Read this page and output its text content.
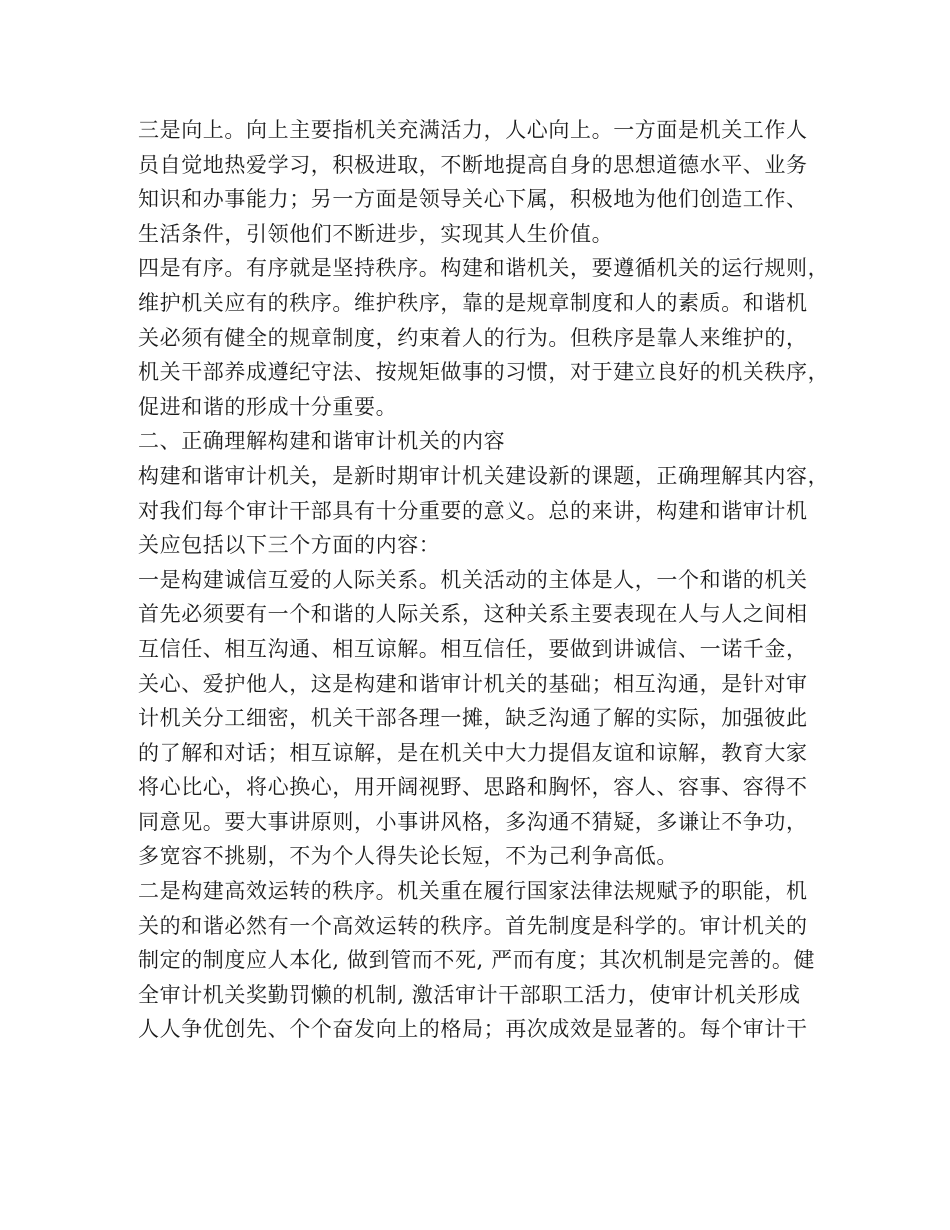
三是向上。向上主要指机关充满活力，人心向上。一方面是机关工作人
员自觉地热爱学习，积极进取，不断地提高自身的思想道德水平、业务
知识和办事能力；另一方面是领导关心下属，积极地为他们创造工作、
生活条件，引领他们不断进步，实现其人生价值。
四是有序。有序就是坚持秩序。构建和谐机关，要遵循机关的运行规则，
维护机关应有的秩序。维护秩序，靠的是规章制度和人的素质。和谐机
关必须有健全的规章制度，约束着人的行为。但秩序是靠人来维护的，
机关干部养成遵纪守法、按规矩做事的习惯，对于建立良好的机关秩序，
促进和谐的形成十分重要。
二、正确理解构建和谐审计机关的内容
构建和谐审计机关，是新时期审计机关建设新的课题，正确理解其内容，
对我们每个审计干部具有十分重要的意义。总的来讲，构建和谐审计机
关应包括以下三个方面的内容：
一是构建诚信互爱的人际关系。机关活动的主体是人，一个和谐的机关
首先必须要有一个和谐的人际关系，这种关系主要表现在人与人之间相
互信任、相互沟通、相互谅解。相互信任，要做到讲诚信、一诺千金，
关心、爱护他人，这是构建和谐审计机关的基础；相互沟通，是针对审
计机关分工细密，机关干部各理一摊，缺乏沟通了解的实际，加强彼此
的了解和对话；相互谅解，是在机关中大力提倡友谊和谅解，教育大家
将心比心，将心换心，用开阔视野、思路和胸怀，容人、容事、容得不
同意见。要大事讲原则，小事讲风格，多沟通不猜疑，多谦让不争功，
多宽容不挑剔，不为个人得失论长短，不为己利争高低。
二是构建高效运转的秩序。机关重在履行国家法律法规赋予的职能，机
关的和谐必然有一个高效运转的秩序。首先制度是科学的。审计机关的
制定的制度应人本化, 做到管而不死, 严而有度；其次机制是完善的。健
全审计机关奖勤罚懒的机制, 激活审计干部职工活力，使审计机关形成
人人争优创先、个个奋发向上的格局；再次成效是显著的。每个审计干
